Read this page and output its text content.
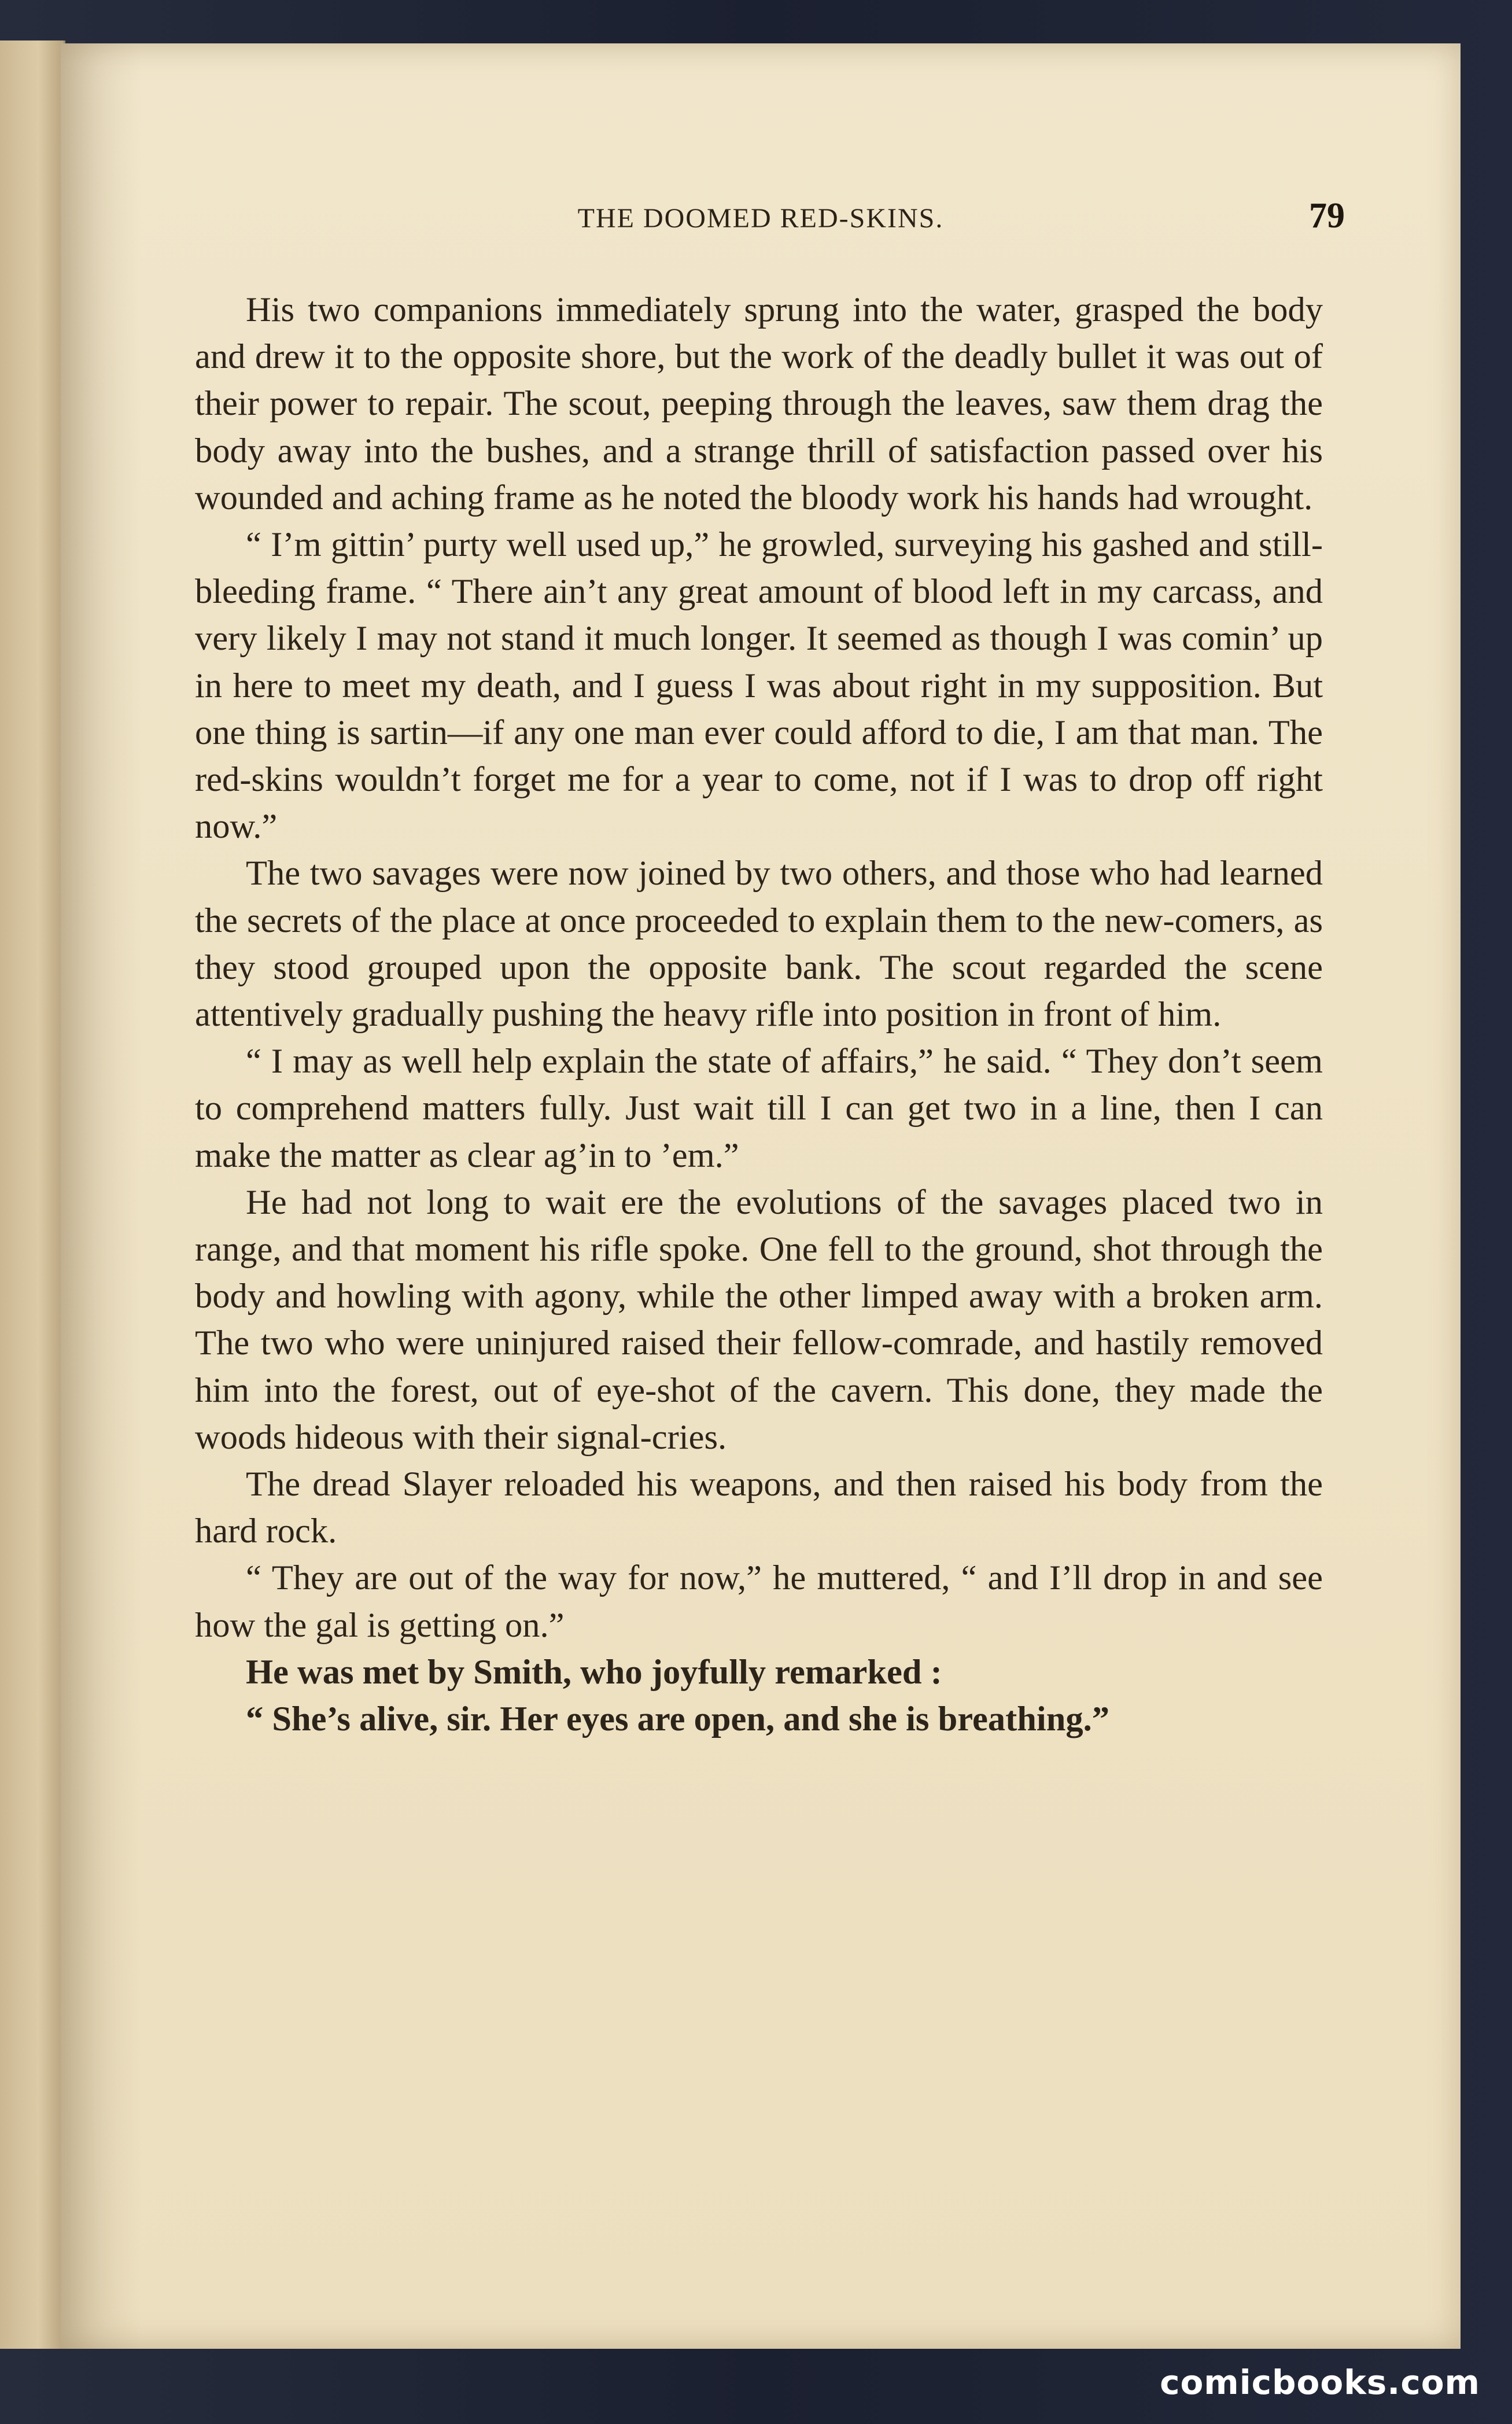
THE DOOMED RED-SKINS.	79

His two companions immediately sprung into the water, grasped the body and drew it to the opposite shore, but the work of the deadly bullet it was out of their power to repair. The scout, peeping through the leaves, saw them drag the body away into the bushes, and a strange thrill of satisfaction passed over his wounded and aching frame as he noted the bloody work his hands had wrought.

“ I’m gittin’ purty well used up,” he growled, surveying his gashed and still-bleeding frame. “ There ain’t any great amount of blood left in my carcass, and very likely I may not stand it much longer. It seemed as though I was comin’ up in here to meet my death, and I guess I was about right in my supposition. But one thing is sartin—if any one man ever could afford to die, I am that man. The red-skins wouldn’t forget me for a year to come, not if I was to drop off right now.”

The two savages were now joined by two others, and those who had learned the secrets of the place at once proceeded to explain them to the new-comers, as they stood grouped upon the opposite bank. The scout regarded the scene attentively gradually pushing the heavy rifle into position in front of him.

“ I may as well help explain the state of affairs,” he said. “ They don’t seem to comprehend matters fully. Just wait till I can get two in a line, then I can make the matter as clear ag’in to ’em.”

He had not long to wait ere the evolutions of the savages placed two in range, and that moment his rifle spoke. One fell to the ground, shot through the body and howling with agony, while the other limped away with a broken arm. The two who were uninjured raised their fellow-comrade, and hastily removed him into the forest, out of eye-shot of the cavern. This done, they made the woods hideous with their signal-cries.

The dread Slayer reloaded his weapons, and then raised his body from the hard rock.

“ They are out of the way for now,” he muttered, “ and I’ll drop in and see how the gal is getting on.”

He was met by Smith, who joyfully remarked :

“ She’s alive, sir. Her eyes are open, and she is breathing.”

comicbooks.com
